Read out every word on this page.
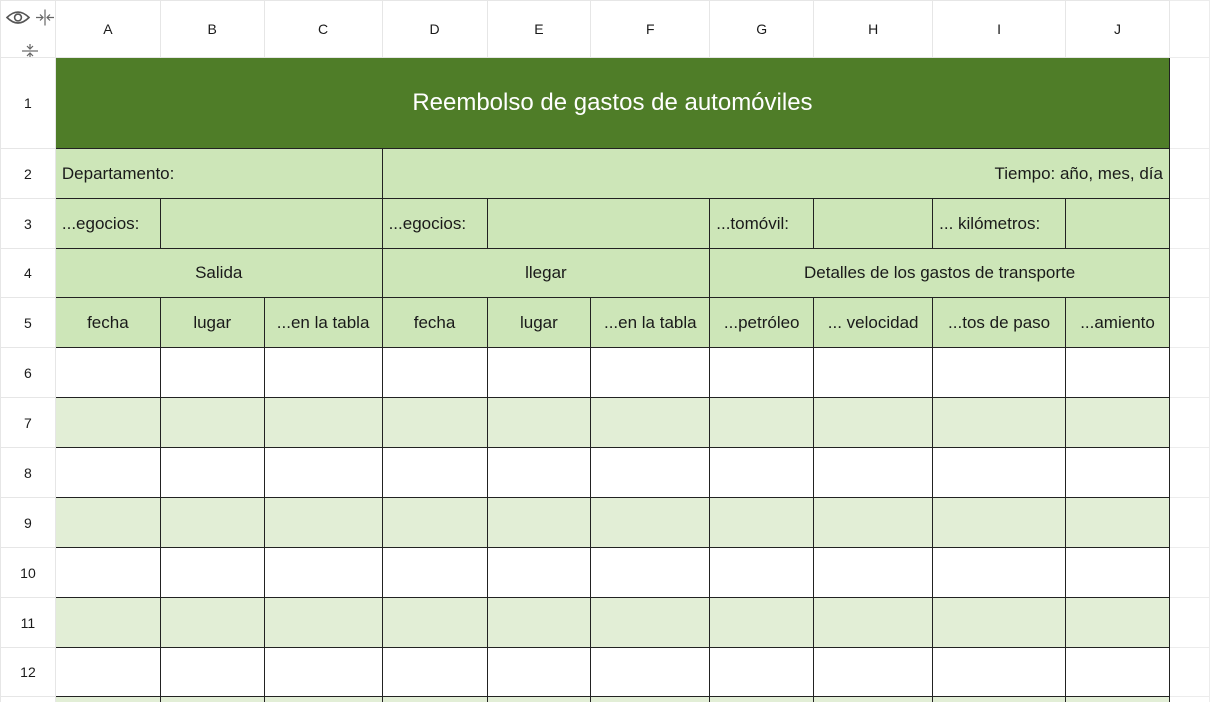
	A	B	C	D	E	F	G	H	I	J	
1	Reembolso de gastos de automóviles										
2	Departamento:			Tiempo: año, mes, día							
3	...egocios:			...egocios:			...tomóvil:		... kilómetros:		
4	Salida			llegar			Detalles de los gastos de transporte				
5	fecha	lugar	...en la tabla	fecha	lugar	...en la tabla	...petróleo	... velocidad	...tos de paso	...amiento	
6											
7											
8											
9											
10											
11											
12											
